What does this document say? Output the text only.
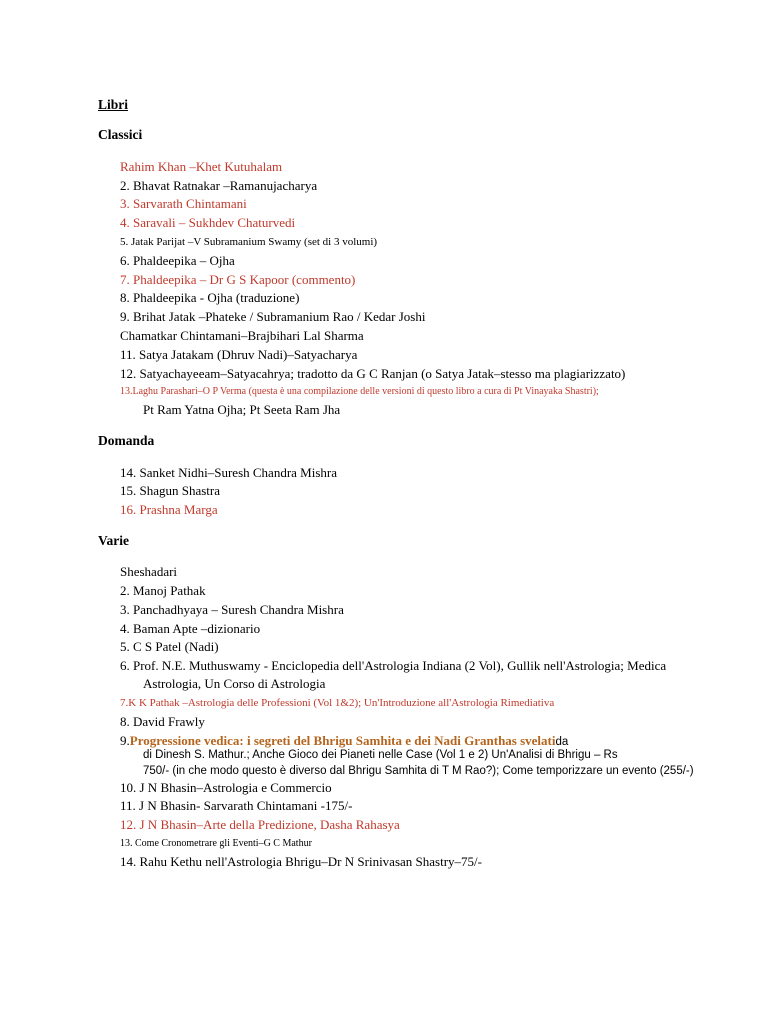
Libri
Classici
Rahim Khan –Khet Kutuhalam
2. Bhavat Ratnakar –Ramanujacharya
3. Sarvarath Chintamani
4. Saravali – Sukhdev Chaturvedi
5. Jatak Parijat –V Subramanium Swamy (set di 3 volumi)
6. Phaldeepika – Ojha
7. Phaldeepika – Dr G S Kapoor (commento)
8. Phaldeepika - Ojha (traduzione)
9. Brihat Jatak –Phateke / Subramanium Rao / Kedar Joshi
Chamatkar Chintamani–Brajbihari Lal Sharma
11. Satya Jatakam (Dhruv Nadi)–Satyacharya
12. Satyachayeeam–Satyacahrya; tradotto da G C Ranjan (o Satya Jatak–stesso ma plagiarizzato)
13.Laghu Parashari–O P Verma (questa è una compilazione delle versioni di questo libro a cura di Pt Vinayaka Shastri);
Pt Ram Yatna Ojha; Pt Seeta Ram Jha
Domanda
14. Sanket Nidhi–Suresh Chandra Mishra
15. Shagun Shastra
16. Prashna Marga
Varie
Sheshadari
2. Manoj Pathak
3. Panchadhyaya – Suresh Chandra Mishra
4. Baman Apte –dizionario
5. C S Patel (Nadi)
6. Prof. N.E. Muthuswamy - Enciclopedia dell'Astrologia Indiana (2 Vol), Gullik nell'Astrologia; Medica
Astrologia, Un Corso di Astrologia
7.K K Pathak –Astrologia delle Professioni (Vol 1&2); Un'Introduzione all'Astrologia Rimediativa
8. David Frawly
9.Progressione vedica: i segreti del Bhrigu Samhita e dei Nadi Granthas svelatida
di Dinesh S. Mathur.; Anche Gioco dei Pianeti nelle Case (Vol 1 e 2) Un'Analisi di Bhrigu – Rs
750/- (in che modo questo è diverso dal Bhrigu Samhita di T M Rao?); Come temporizzare un evento (255/-)
10. J N Bhasin–Astrologia e Commercio
11. J N Bhasin- Sarvarath Chintamani -175/-
12. J N Bhasin–Arte della Predizione, Dasha Rahasya
13. Come Cronometrare gli Eventi–G C Mathur
14. Rahu Kethu nell'Astrologia Bhrigu–Dr N Srinivasan Shastry–75/-
